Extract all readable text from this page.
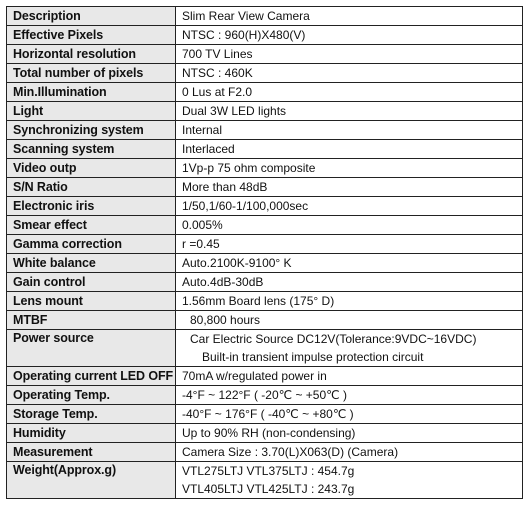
Description	Slim Rear View Camera
Effective Pixels	NTSC : 960(H)X480(V)
Horizontal resolution	700 TV Lines
Total number of pixels	NTSC : 460K
Min.Illumination	0 Lus at F2.0
Light	Dual 3W LED lights
Synchronizing system	Internal
Scanning system	Interlaced
Video outp	1Vp-p 75 ohm composite
S/N Ratio	More than 48dB
Electronic iris	1/50,1/60-1/100,000sec
Smear effect	0.005%
Gamma correction	r =0.45
White balance	Auto.2100K-9100° K
Gain control	Auto.4dB-30dB
Lens mount	1.56mm Board lens (175° D)
MTBF	80,800 hours
Power source	Car Electric Source DC12V(Tolerance:9VDC~16VDC)
Built-in transient impulse protection circuit

Operating current LED OFF	70mA w/regulated power in
Operating Temp.	-4°F ~ 122°F ( -20℃ ~ +50℃ )
Storage Temp.	-40°F ~ 176°F ( -40℃ ~ +80℃ )
Humidity	Up to 90% RH (non-condensing)
Measurement	Camera Size : 3.70(L)X063(D) (Camera)
Weight(Approx.g)	VTL275LTJ VTL375LTJ : 454.7g
VTL405LTJ VTL425LTJ : 243.7g
